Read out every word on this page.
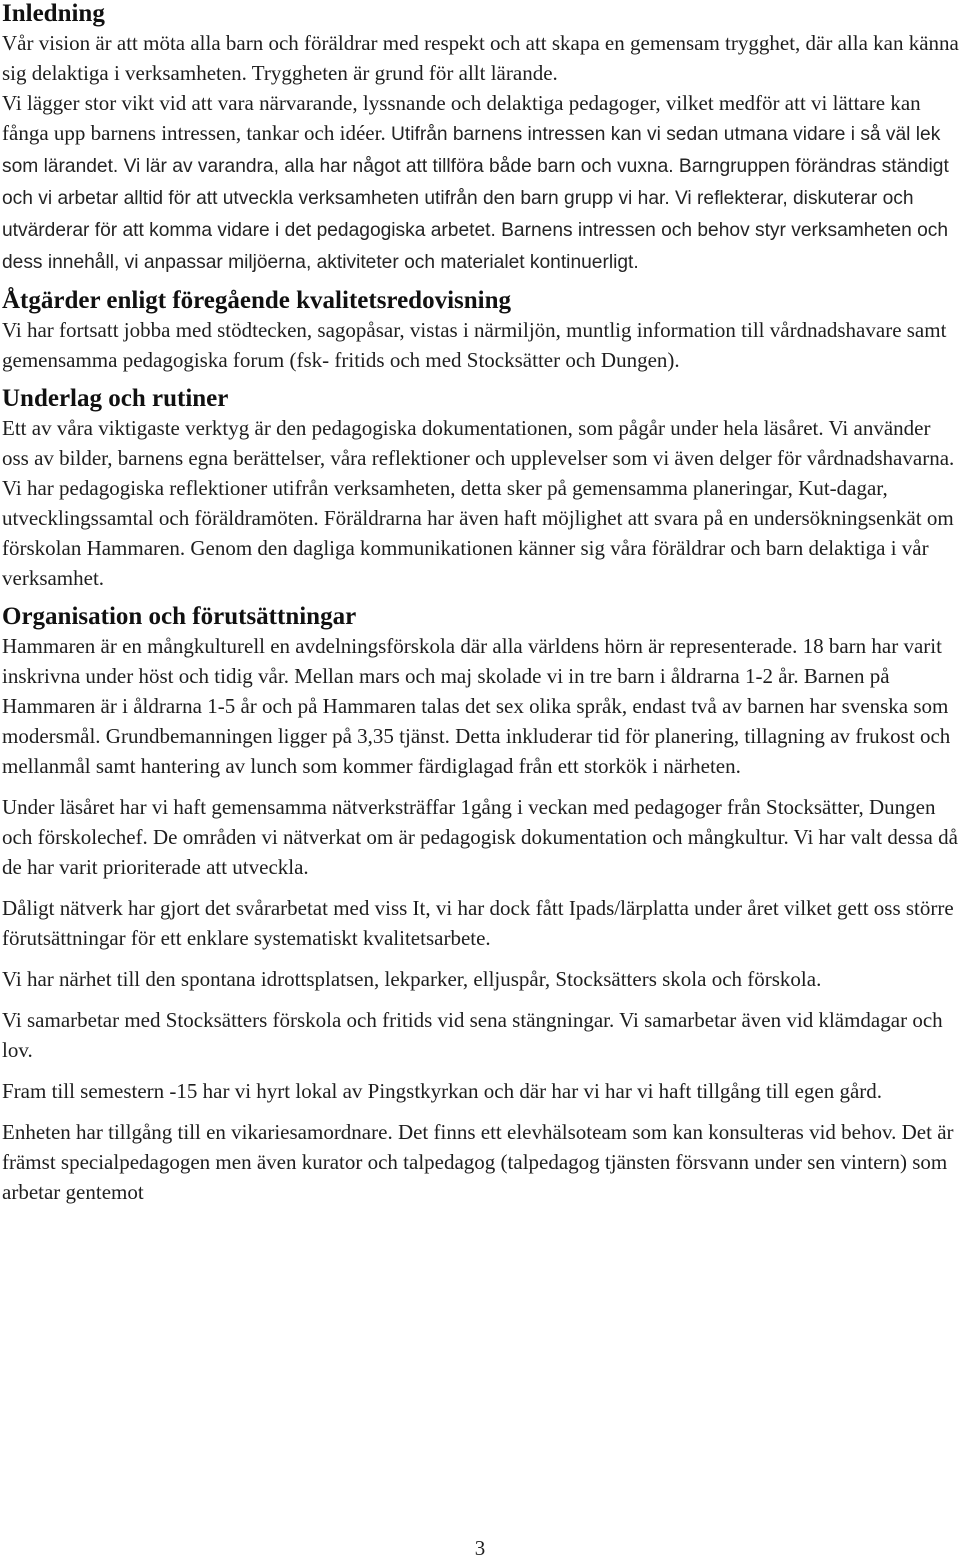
Inledning

Vår vision är att möta alla barn och föräldrar med respekt och att skapa en gemensam trygghet, där alla kan känna sig delaktiga i verksamheten. Tryggheten är grund för allt lärande.

Vi lägger stor vikt vid att vara närvarande, lyssnande och delaktiga pedagoger, vilket medför att vi lättare kan fånga upp barnens intressen, tankar och idéer. Utifrån barnens intressen kan vi sedan utmana vidare i så väl lek som lärandet. Vi lär av varandra, alla har något att tillföra både barn och vuxna. Barngruppen förändras ständigt och vi arbetar alltid för att utveckla verksamheten utifrån den barn grupp vi har. Vi reflekterar, diskuterar och utvärderar för att komma vidare i det pedagogiska arbetet. Barnens intressen och behov styr verksamheten och dess innehåll, vi anpassar miljöerna, aktiviteter och materialet kontinuerligt.

Åtgärder enligt föregående kvalitetsredovisning

Vi har fortsatt jobba med stödtecken, sagopåsar, vistas i närmiljön, muntlig information till vårdnadshavare samt gemensamma pedagogiska forum (fsk- fritids och med Stocksätter och Dungen).

Underlag och rutiner

Ett av våra viktigaste verktyg är den pedagogiska dokumentationen, som pågår under hela läsåret. Vi använder oss av bilder, barnens egna berättelser, våra reflektioner och upplevelser som vi även delger för vårdnadshavarna. Vi har pedagogiska reflektioner utifrån verksamheten, detta sker på gemensamma planeringar, Kut-dagar, utvecklingssamtal och föräldramöten. Föräldrarna har även haft möjlighet att svara på en undersökningsenkät om förskolan Hammaren. Genom den dagliga kommunikationen känner sig våra föräldrar och barn delaktiga i vår verksamhet.

Organisation och förutsättningar

Hammaren är en mångkulturell en avdelningsförskola där alla världens hörn är representerade. 18 barn har varit inskrivna under höst och tidig vår. Mellan mars och maj skolade vi in tre barn i åldrarna 1-2 år. Barnen på Hammaren är i åldrarna 1-5 år och på Hammaren talas det sex olika språk, endast två av barnen har svenska som modersmål. Grundbemanningen ligger på 3,35 tjänst. Detta inkluderar tid för planering, tillagning av frukost och mellanmål samt hantering av lunch som kommer färdiglagad från ett storkök i närheten.

Under läsåret har vi haft gemensamma nätverksträffar 1gång i veckan med pedagoger från Stocksätter, Dungen och förskolechef. De områden vi nätverkat om är pedagogisk dokumentation och mångkultur. Vi har valt dessa då de har varit prioriterade att utveckla.

Dåligt nätverk har gjort det svårarbetat med viss It, vi har dock fått Ipads/lärplatta under året vilket gett oss större förutsättningar för ett enklare systematiskt kvalitetsarbete.

Vi har närhet till den spontana idrottsplatsen, lekparker, elljuspår, Stocksätters skola och förskola.

Vi samarbetar med Stocksätters förskola och fritids vid sena stängningar. Vi samarbetar även vid klämdagar och lov.

Fram till semestern -15 har vi hyrt lokal av Pingstkyrkan och där har vi har vi haft tillgång till egen gård.

Enheten har tillgång till en vikariesamordnare. Det finns ett elevhälsoteam som kan konsulteras vid behov. Det är främst specialpedagogen men även kurator och talpedagog (talpedagog tjänsten försvann under sen vintern) som arbetar gentemot

3
